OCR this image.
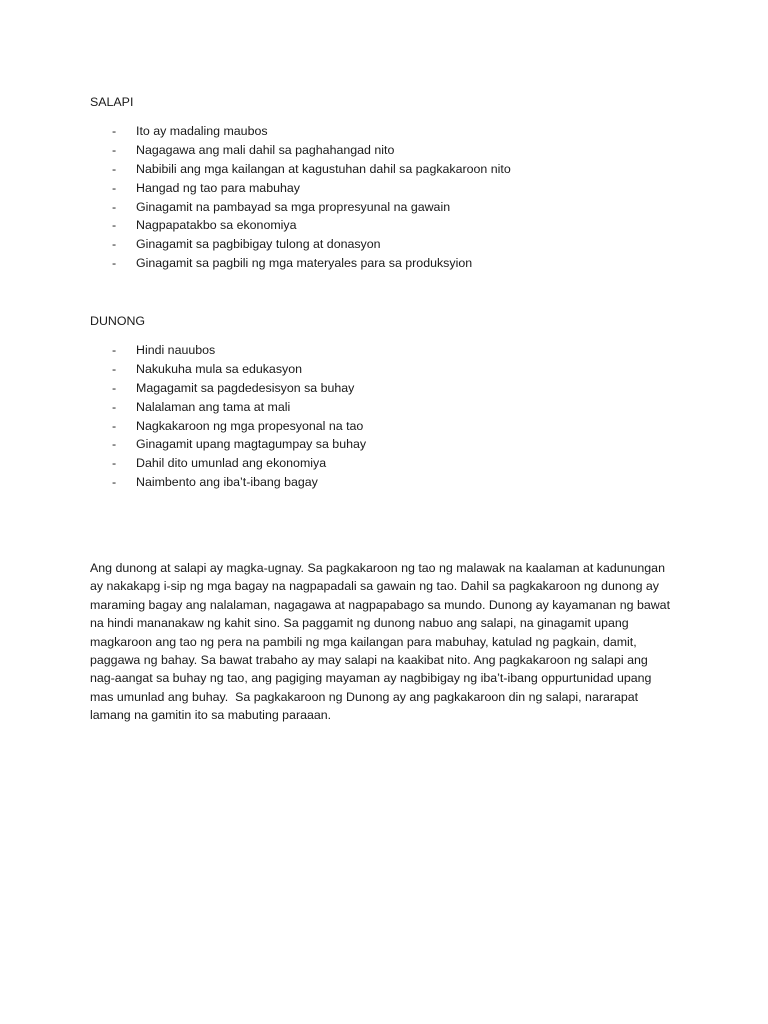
SALAPI
- Ito ay madaling maubos
- Nagagawa ang mali dahil sa paghahangad nito
- Nabibili ang mga kailangan at kagustuhan dahil sa pagkakaroon nito
- Hangad ng tao para mabuhay
- Ginagamit na pambayad sa mga propresyunal na gawain
- Nagpapatakbo sa ekonomiya
- Ginagamit sa pagbibigay tulong at donasyon
- Ginagamit sa pagbili ng mga materyales para sa produksyion
DUNONG
- Hindi nauubos
- Nakukuha mula sa edukasyon
- Magagamit sa pagdedesisyon sa buhay
- Nalalaman ang tama at mali
- Nagkakaroon ng mga propesyonal na tao
- Ginagamit upang magtagumpay sa buhay
- Dahil dito umunlad ang ekonomiya
- Naimbento ang iba’t-ibang bagay

Ang dunong at salapi ay magka-ugnay. Sa pagkakaroon ng tao ng malawak na kaalaman at kadunungan
ay nakakapg i-sip ng mga bagay na nagpapadali sa gawain ng tao. Dahil sa pagkakaroon ng dunong ay
maraming bagay ang nalalaman, nagagawa at nagpapabago sa mundo. Dunong ay kayamanan ng bawat
na hindi mananakaw ng kahit sino. Sa paggamit ng dunong nabuo ang salapi, na ginagamit upang
magkaroon ang tao ng pera na pambili ng mga kailangan para mabuhay, katulad ng pagkain, damit,
paggawa ng bahay. Sa bawat trabaho ay may salapi na kaakibat nito. Ang pagkakaroon ng salapi ang
nag-aangat sa buhay ng tao, ang pagiging mayaman ay nagbibigay ng iba’t-ibang oppurtunidad upang
mas umunlad ang buhay.  Sa pagkakaroon ng Dunong ay ang pagkakaroon din ng salapi, nararapat
lamang na gamitin ito sa mabuting paraaan.
